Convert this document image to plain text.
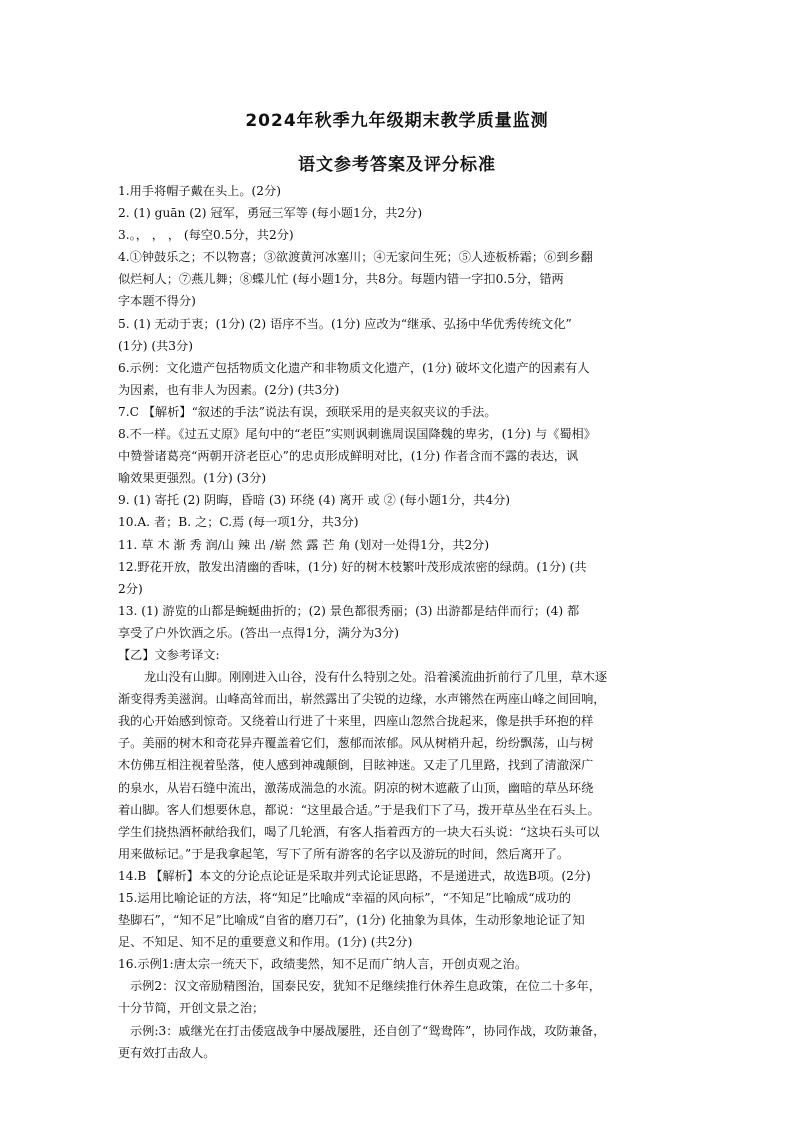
2024年秋季九年级期末教学质量监测
语文参考答案及评分标准
1.用手将帽子戴在头上。(2分)
2. (1) guān (2) 冠军，勇冠三军等 (每小题1分，共2分)
3.。， ， ， (每空0.5分，共2分)
4.①钟鼓乐之；不以物喜；③欲渡黄河冰塞川；④无家问生死；⑤人迹板桥霜；⑥到乡翻
似烂柯人；⑦燕儿舞；⑧蝶儿忙 (每小题1分，共8分。每题内错一字扣0.5分，错两
字本题不得分)
5. (1) 无动于衷；(1分) (2) 语序不当。(1分) 应改为“继承、弘扬中华优秀传统文化”
(1分) (共3分)
6.示例：文化遗产包括物质文化遗产和非物质文化遗产，(1分) 破坏文化遗产的因素有人
为因素，也有非人为因素。(2分) (共3分)
7.C 【解析】“叙述的手法”说法有误，颈联采用的是夹叙夹议的手法。
8.不一样。《过五丈原》尾句中的“老臣”实则讽刺谯周误国降魏的卑劣，(1分) 与《蜀相》
中赞誉诸葛亮“两朝开济老臣心”的忠贞形成鲜明对比，(1分) 作者含而不露的表达，讽
喻效果更强烈。(1分) (3分)
9. (1) 寄托 (2) 阴晦，昏暗 (3) 环绕 (4) 离开 或 ② (每小题1分，共4分)
10.A. 者；B. 之；C.焉 (每一项1分，共3分)
11. 草 木 渐 秀 润/山 辣 出 /崭 然 露 芒 角 (划对一处得1分，共2分)
12.野花开放，散发出清幽的香味，(1分) 好的树木枝繁叶茂形成浓密的绿荫。(1分) (共
2分)
13. (1) 游览的山都是蜿蜒曲折的；(2) 景色都很秀丽；(3) 出游都是结伴而行；(4) 都
享受了户外饮酒之乐。(答出一点得1分，满分为3分)
【乙】文参考译文:
龙山没有山脚。刚刚进入山谷，没有什么特别之处。沿着溪流曲折前行了几里，草木逐
渐变得秀美滋润。山峰高耸而出，崭然露出了尖锐的边缘，水声锵然在两座山峰之间回响，
我的心开始感到惊奇。又绕着山行进了十来里，四座山忽然合拢起来，像是拱手环抱的样
子。美丽的树木和奇花异卉覆盖着它们，葱郁而浓郁。风从树梢升起，纷纷飘荡，山与树
木仿佛互相注视着坠落，使人感到神魂颠倒，目眩神迷。又走了几里路，找到了清澈深广
的泉水，从岩石缝中流出，激荡成湍急的水流。阴凉的树木遮蔽了山顶，幽暗的草丛环绕
着山脚。客人们想要休息，都说：“这里最合适。”于是我们下了马，拨开草丛坐在石头上。
学生们挠热酒杯献给我们，喝了几轮酒，有客人指着西方的一块大石头说：“这块石头可以
用来做标记。”于是我拿起笔，写下了所有游客的名字以及游玩的时间，然后离开了。
14.B 【解析】本文的分论点论证是采取并列式论证思路，不是递进式，故选B项。(2分)
15.运用比喻论证的方法，将“知足”比喻成“幸福的风向标”，“不知足”比喻成“成功的
垫脚石”，“知不足”比喻成“自省的磨刀石”，(1分) 化抽象为具体，生动形象地论证了知
足、不知足、知不足的重要意义和作用。(1分) (共2分)
16.示例1:唐太宗一统天下，政绩斐然，知不足而广纳人言，开创贞观之治。
示例2：汉文帝励精图治，国泰民安，犹知不足继续推行休养生息政策，在位二十多年，
十分节简，开创文景之治；
示例:3：戚继光在打击倭寇战争中屡战屡胜，还自创了“鸳鸯阵”，协同作战，攻防兼备，
更有效打击敌人。
